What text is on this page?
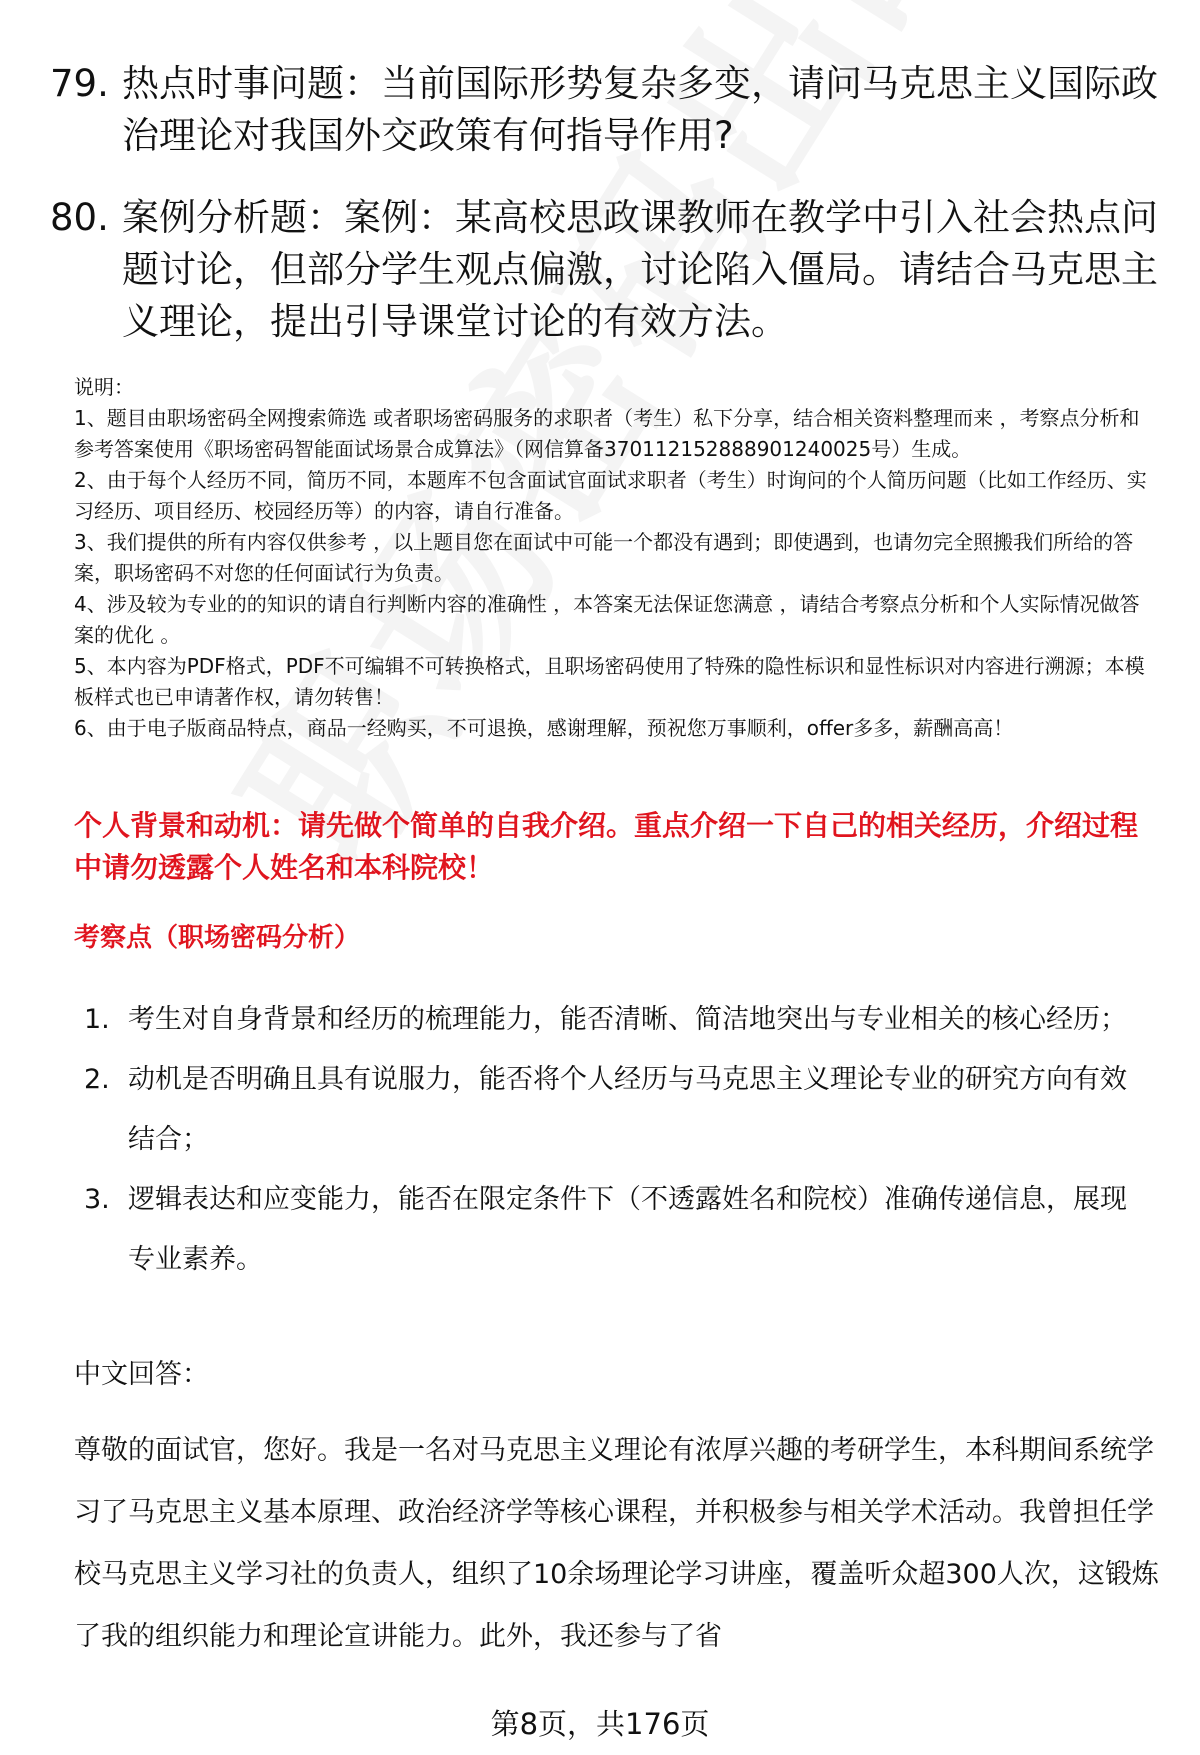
79. 热点时事问题：当前国际形势复杂多变，请问马克思主义国际政治理论对我国外交政策有何指导作用?
80. 案例分析题：案例：某高校思政课教师在教学中引入社会热点问题讨论，但部分学生观点偏激，讨论陷入僵局。请结合马克思主义理论，提出引导课堂讨论的有效方法。
说明：
1、题目由职场密码全网搜索筛选 或者职场密码服务的求职者（考生）私下分享，结合相关资料整理而来 ，考察点分析和参考答案使用《职场密码智能面试场景合成算法》（网信算备370112152888901240025号）生成。
2、由于每个人经历不同，简历不同，本题库不包含面试官面试求职者（考生）时询问的个人简历问题（比如工作经历、实习经历、项目经历、校园经历等）的内容，请自行准备。
3、我们提供的所有内容仅供参考 ，以上题目您在面试中可能一个都没有遇到；即使遇到，也请勿完全照搬我们所给的答案，职场密码不对您的任何面试行为负责。
4、涉及较为专业的的知识的请自行判断内容的准确性 ，本答案无法保证您满意 ，请结合考察点分析和个人实际情况做答案的优化 。
5、本内容为PDF格式，PDF不可编辑不可转换格式，且职场密码使用了特殊的隐性标识和显性标识对内容进行溯源；本模板样式也已申请著作权，请勿转售！
6、由于电子版商品特点，商品一经购买，不可退换，感谢理解，预祝您万事顺利，offer多多，薪酬高高！
个人背景和动机：请先做个简单的自我介绍。重点介绍一下自己的相关经历，介绍过程中请勿透露个人姓名和本科院校！
考察点（职场密码分析）
1. 考生对自身背景和经历的梳理能力，能否清晰、简洁地突出与专业相关的核心经历；
2. 动机是否明确且具有说服力，能否将个人经历与马克思主义理论专业的研究方向有效结合；
3. 逻辑表达和应变能力，能否在限定条件下（不透露姓名和院校）准确传递信息，展现专业素养。
中文回答：
尊敬的面试官，您好。我是一名对马克思主义理论有浓厚兴趣的考研学生，本科期间系统学习了马克思主义基本原理、政治经济学等核心课程，并积极参与相关学术活动。我曾担任学校马克思主义学习社的负责人，组织了10余场理论学习讲座，覆盖听众超300人次，这锻炼了我的组织能力和理论宣讲能力。此外，我还参与了省
第8页，共176页
